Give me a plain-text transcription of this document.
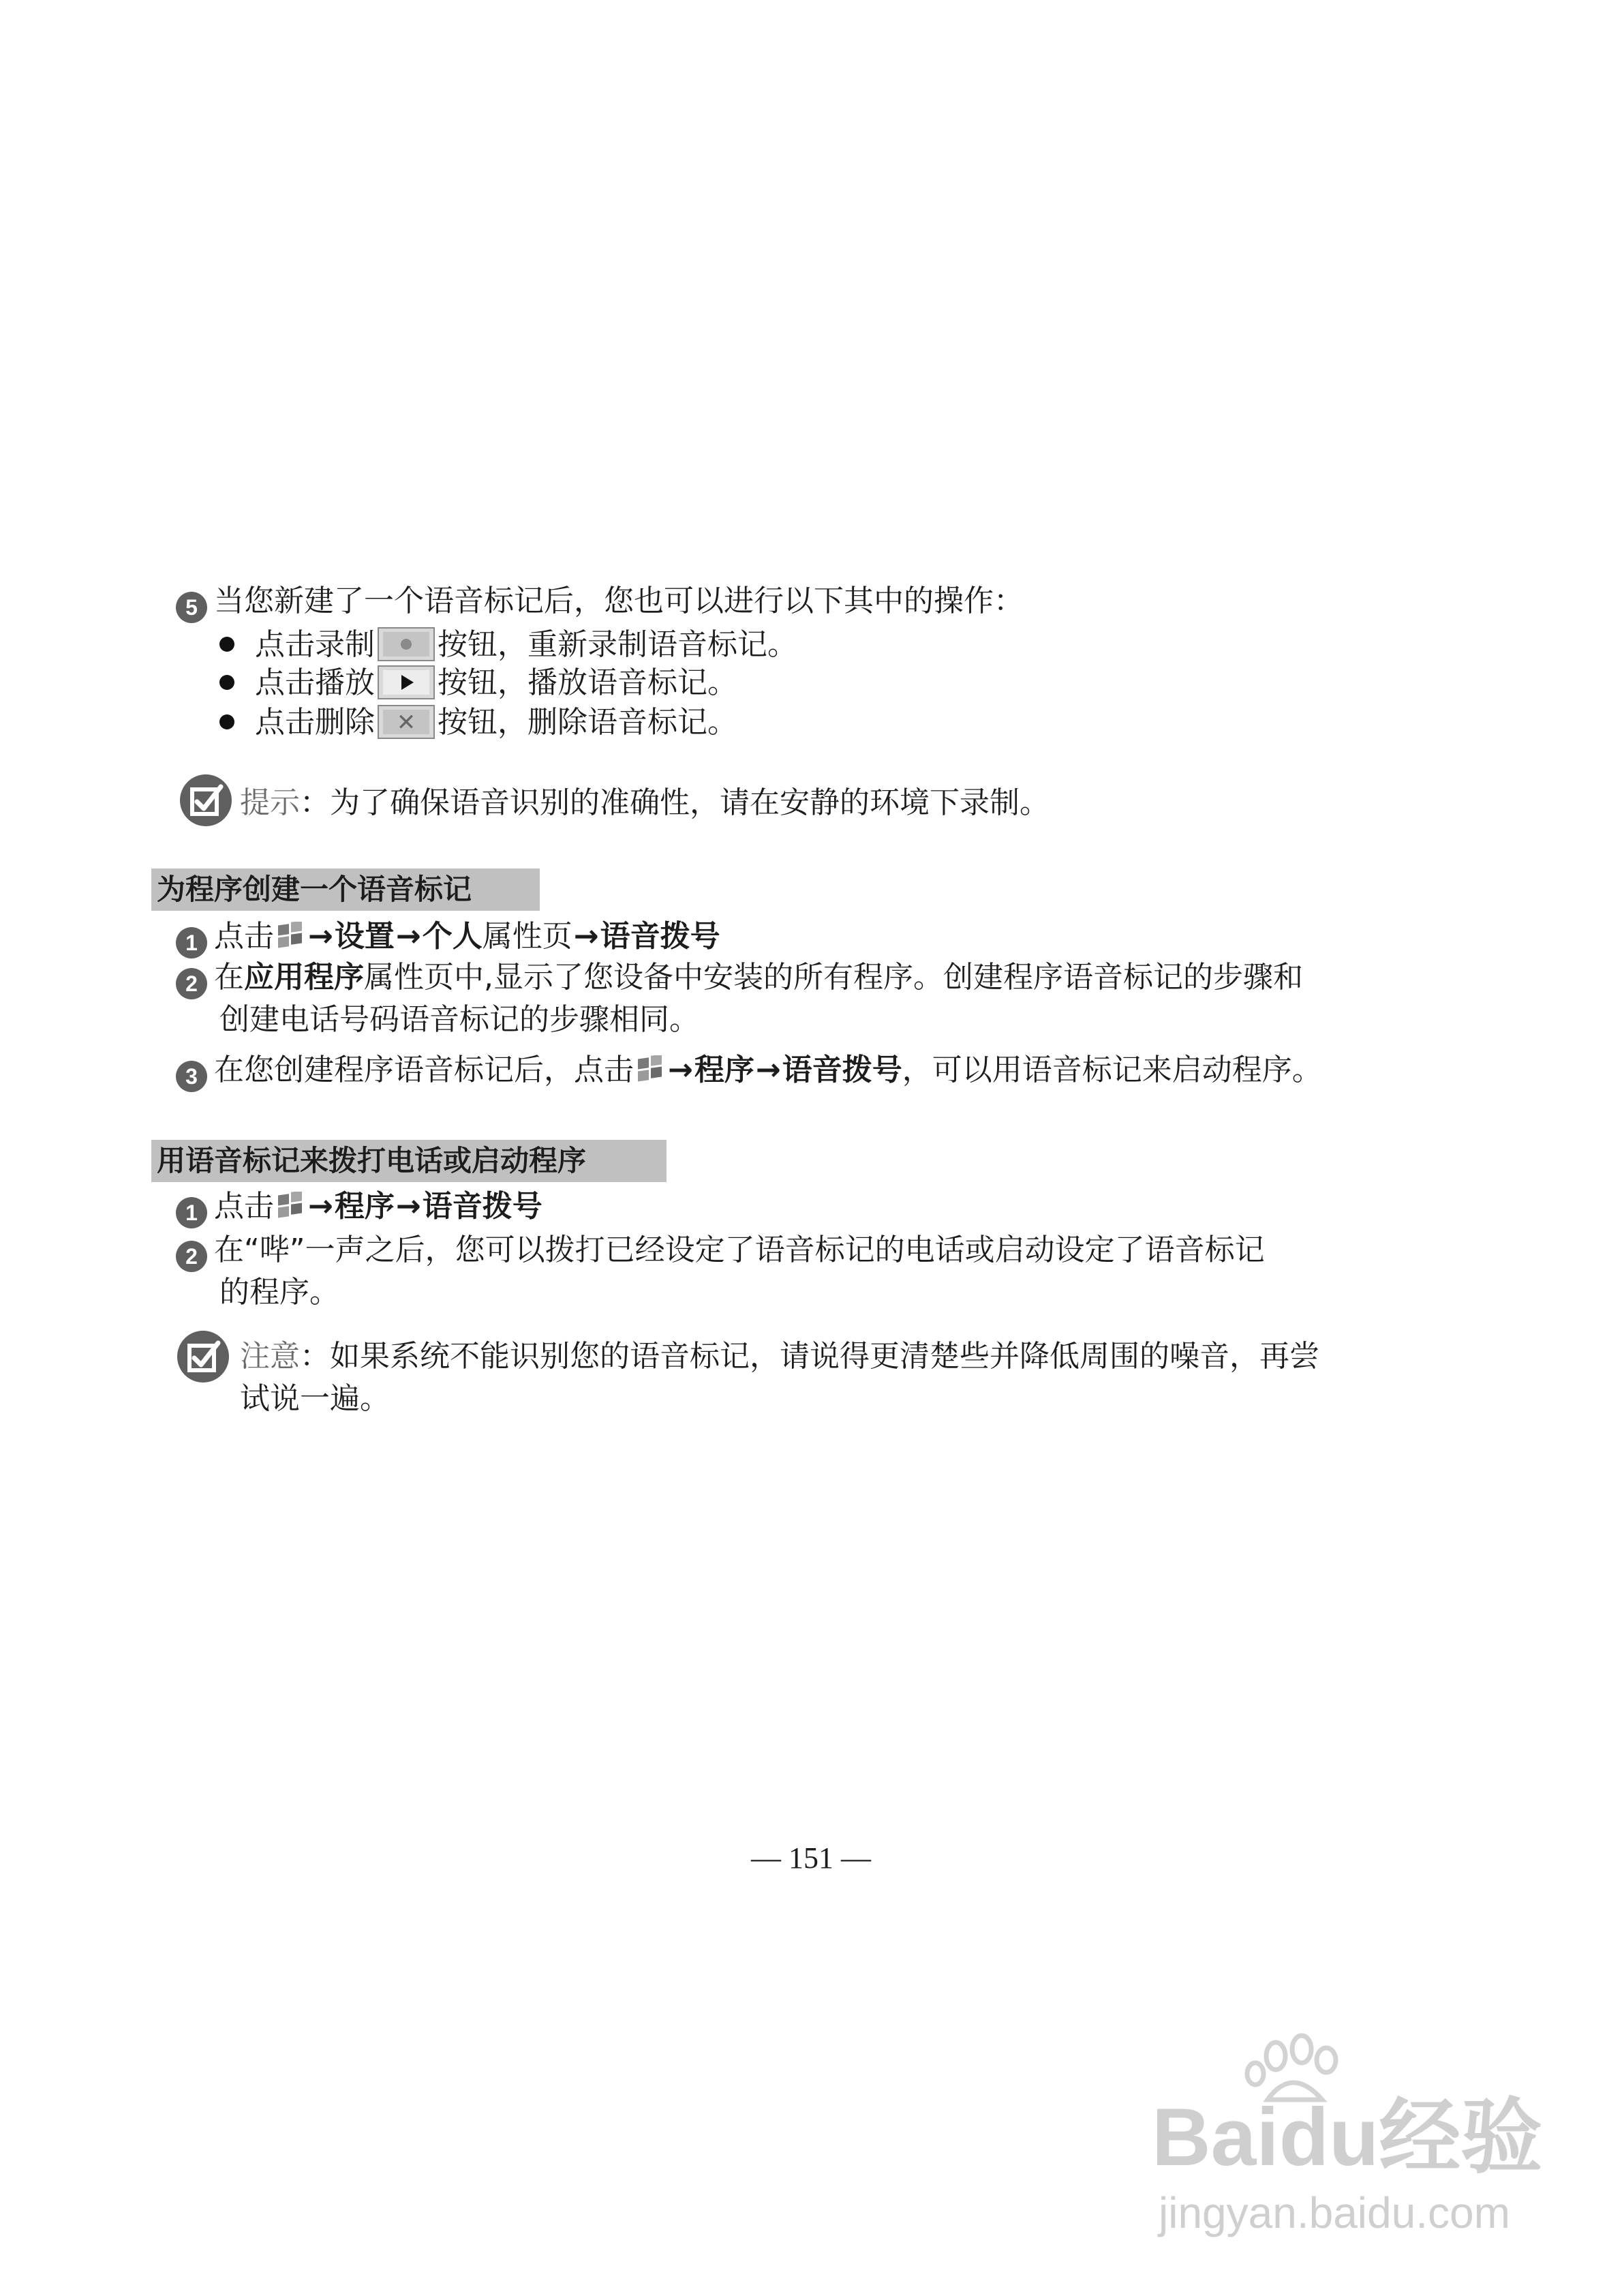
5 当您新建了一个语音标记后，您也可以进行以下其中的操作：
点击录制 按钮，重新录制语音标记。
点击播放 按钮，播放语音标记。
点击删除 ✕ 按钮，删除语音标记。
提示：为了确保语音识别的准确性，请在安静的环境下录制。
为程序创建一个语音标记
1 点击 →设置→个人属性页→语音拨号
2 在应用程序属性页中,显示了您设备中安装的所有程序。创建程序语音标记的步骤和
创建电话号码语音标记的步骤相同。
3 在您创建程序语音标记后，点击 →程序→语音拨号，可以用语音标记来启动程序。
用语音标记来拨打电话或启动程序
1 点击 →程序→语音拨号
2 在“哔”一声之后，您可以拨打已经设定了语音标记的电话或启动设定了语音标记
的程序。
注意：如果系统不能识别您的语音标记，请说得更清楚些并降低周围的噪音，再尝
试说一遍。
— 151 —
Baidu经验
jingyan.baidu.com
